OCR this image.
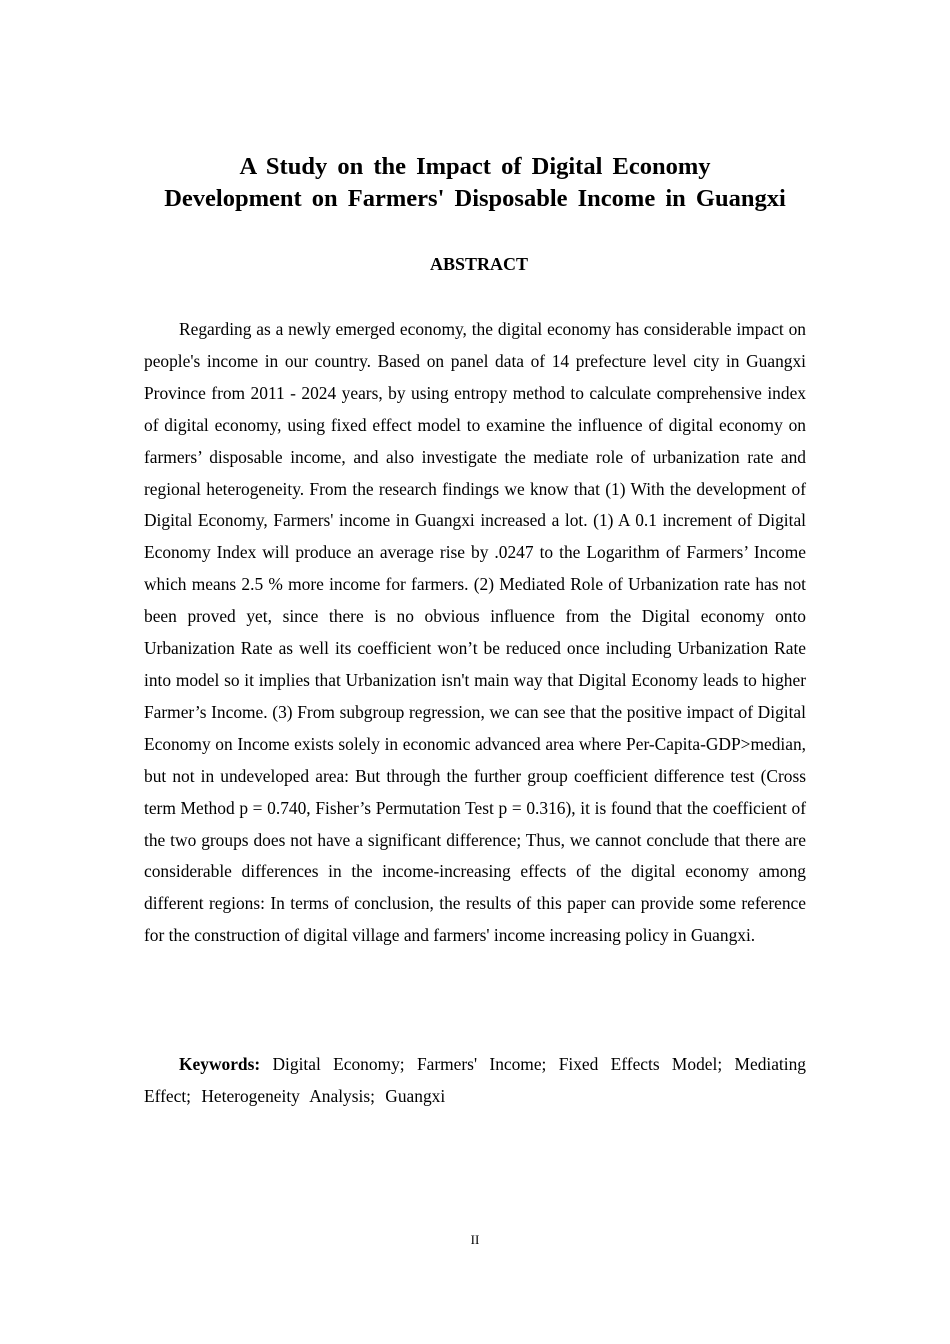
A Study on the Impact of Digital Economy
Development on Farmers' Disposable Income in Guangxi
ABSTRACT

Regarding as a newly emerged economy, the digital economy has considerable impact on people's income in our country. Based on panel data of 14 prefecture level city in Guangxi Province from 2011 - 2024 years, by using entropy method to calculate comprehensive index of digital economy, using fixed effect model to examine the influence of digital economy on farmers’ disposable income, and also investigate the mediate role of urbanization rate and regional heterogeneity. From the research findings we know that (1) With the development of Digital Economy, Farmers' income in Guangxi increased a lot. (1) A 0.1 increment of Digital Economy Index will produce an average rise by .0247 to the Logarithm of Farmers’ Income which means 2.5 % more income for farmers. (2) Mediated Role of Urbanization rate has not been proved yet, since there is no obvious influence from the Digital economy onto Urbanization Rate as well its coefficient won’t be reduced once including Urbanization Rate into model so it implies that Urbanization isn't main way that Digital Economy leads to higher Farmer’s Income. (3) From subgroup regression, we can see that the positive impact of Digital Economy on Income exists solely in economic advanced area where Per-Capita-GDP>median, but not in undeveloped area: But through the further group coefficient difference test (Cross term Method p = 0.740, Fisher’s Permutation Test p = 0.316), it is found that the coefficient of the two groups does not have a significant difference; Thus, we cannot conclude that there are considerable differences in the income-increasing effects of the digital economy among different regions: In terms of conclusion, the results of this paper can provide some reference for the construction of digital village and farmers' income increasing policy in Guangxi.

Keywords: Digital Economy; Farmers' Income; Fixed Effects Model; Mediating Effect; Heterogeneity Analysis; Guangxi

II
